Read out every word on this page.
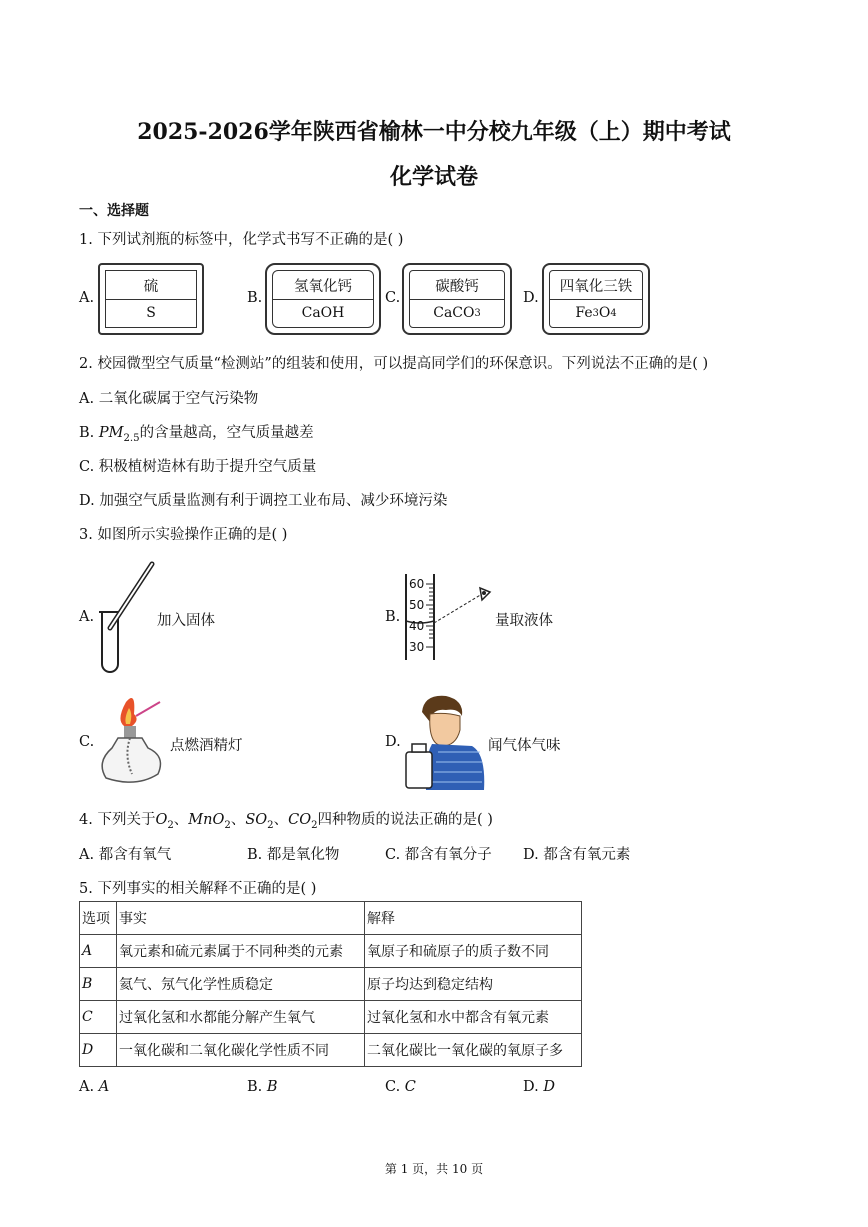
2025-2026学年陕西省榆林一中分校九年级（上）期中考试
化学试卷
一、选择题
1. 下列试剂瓶的标签中，化学式书写不正确的是( )
A.
硫
S
B.
氢氧化钙
CaOH
C.
碳酸钙
CaCO 3
D.
四氧化三铁
Fe 3 O 4
2. 校园微型空气质量“检测站”的组装和使用，可以提高同学们的环保意识。下列说法不正确的是( )
A. 二氧化碳属于空气污染物
B. $PM_{2.5}$的含量越高，空气质量越差
C. 积极植树造林有助于提升空气质量
D. 加强空气质量监测有利于调控工业布局、减少环境污染
3. 如图所示实验操作正确的是( )
A.	加入固体	B.
60
50
40
30
量取液体
C.	点燃酒精灯	D.	闻气体气味
4. 下列关于$O_2$、MnO$_2$、$SO_2$、$CO_2$四种物质的说法正确的是( )
A. 都含有氧气	B. 都是氧化物	C. 都含有氧分子 D. 都含有氧元素
5. 下列事实的相关解释不正确的是( )
选项	事实	解释
A	氧元素和硫元素属于不同种类的元素	氧原子和硫原子的质子数不同
B	氦气、氖气化学性质稳定	原子均达到稳定结构
C	过氧化氢和水都能分解产生氧气	过氧化氢和水中都含有氧元素
D	一氧化碳和二氧化碳化学性质不同	二氧化碳比一氧化碳的氧原子多
A. A	B. B	C. C	D. D
第 1 页，共 10 页
